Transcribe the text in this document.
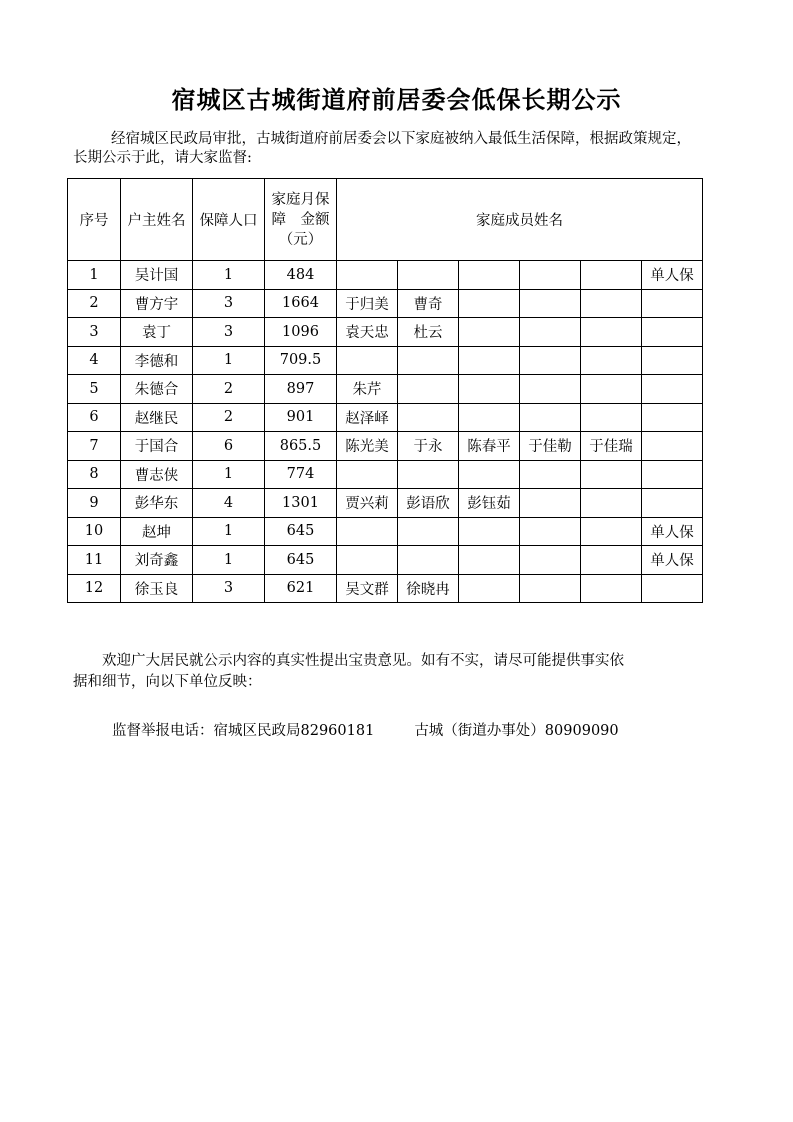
宿城区古城街道府前居委会低保长期公示
经宿城区民政局审批，古城街道府前居委会以下家庭被纳入最低生活保障，根据政策规定，长期公示于此，请大家监督:
序号	户主姓名	保障人口	家庭月保障　金额（元）	家庭成员姓名					
1	吴计国	1	484						单人保
2	曹方宇	3	1664	于归美	曹奇				
3	袁丁	3	1096	袁天忠	杜云				
4	李德和	1	709.5						
5	朱德合	2	897	朱芹					
6	赵继民	2	901	赵泽峄					
7	于国合	6	865.5	陈光美	于永	陈春平	于佳勒	于佳瑞	
8	曹志侠	1	774						
9	彭华东	4	1301	贾兴莉	彭语欣	彭钰茹			
10	赵坤	1	645						单人保
11	刘奇鑫	1	645						单人保
12	徐玉良	3	621	吴文群	徐晓冉				
欢迎广大居民就公示内容的真实性提出宝贵意见。如有不实，请尽可能提供事实依据和细节，向以下单位反映：
监督举报电话：宿城区民政局82960181	古城（街道办事处）80909090
